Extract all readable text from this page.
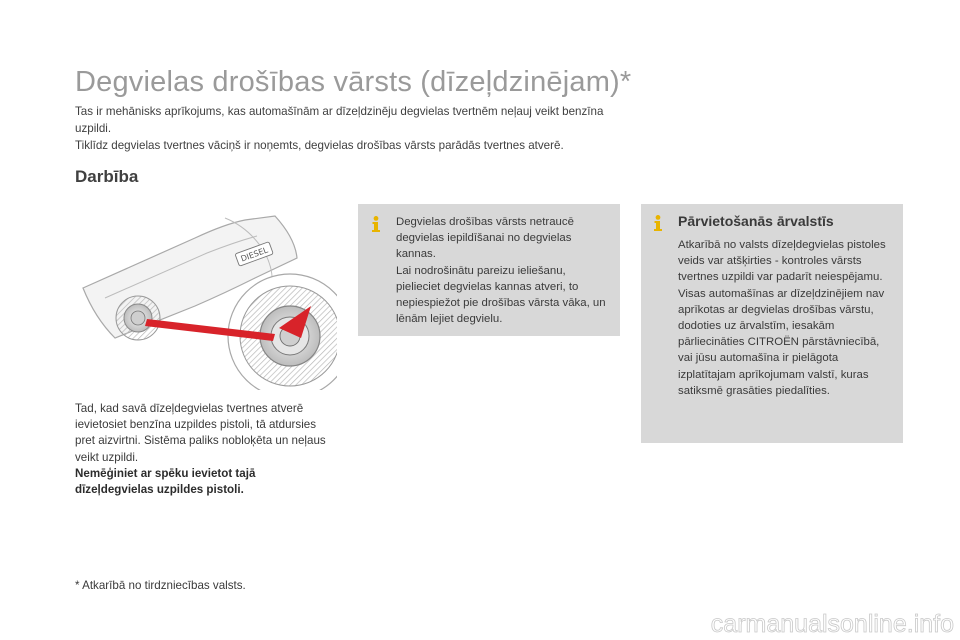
Degvielas drošības vārsts (dīzeļdzinējam)*

Tas ir mehānisks aprīkojums, kas automašīnām ar dīzeļdzinēju degvielas tvertnēm neļauj veikt benzīna uzpildi.

Tiklīdz degvielas tvertnes vāciņš ir noņemts, degvielas drošības vārsts parādās tvertnes atverē.

Darbība
DIESEL

Tad, kad savā dīzeļdegvielas tvertnes atverē ievietosiet benzīna uzpildes pistoli, tā atdursies pret aizvirtni. Sistēma paliks nobloķēta un neļaus veikt uzpildi.

Nemēģiniet ar spēku ievietot tajā dīzeļdegvielas uzpildes pistoli.

* Atkarībā no tirdzniecības valsts.

Degvielas drošības vārsts netraucē degvielas iepildīšanai no degvielas kannas.

Lai nodrošinātu pareizu ieliešanu, pielieciet degvielas kannas atveri, to nepiespiežot pie drošības vārsta vāka, un lēnām lejiet degvielu.

Pārvietošanās ārvalstīs

Atkarībā no valsts dīzeļdegvielas pistoles veids var atšķirties - kontroles vārsts tvertnes uzpildi var padarīt neiespējamu.

Visas automašīnas ar dīzeļdzinējiem nav aprīkotas ar degvielas drošības vārstu, dodoties uz ārvalstīm, iesakām pārliecināties CITROËN pārstāvniecībā, vai jūsu automašīna ir pielāgota izplatītajam aprīkojumam valstī, kuras satiksmē grasāties piedalīties.

carmanualsonline.info
